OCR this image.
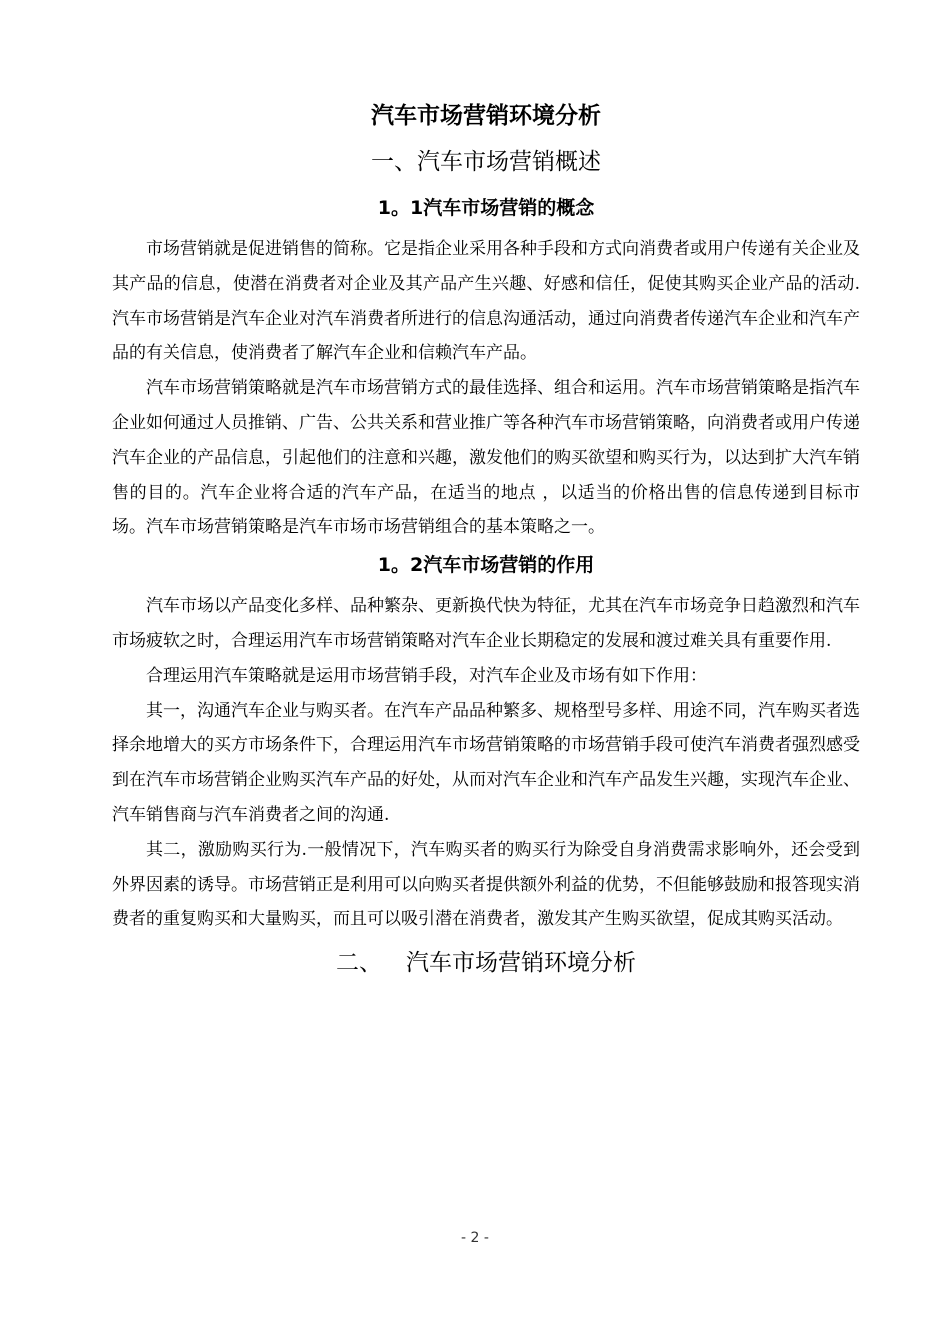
汽车市场营销环境分析
一、汽车市场营销概述
1。1汽车市场营销的概念

市场营销就是促进销售的简称。它是指企业采用各种手段和方式向消费者或用户传递有关企业及其产品的信息，使潜在消费者对企业及其产品产生兴趣、好感和信任，促使其购买企业产品的活动.汽车市场营销是汽车企业对汽车消费者所进行的信息沟通活动，通过向消费者传递汽车企业和汽车产品的有关信息，使消费者了解汽车企业和信赖汽车产品。

汽车市场营销策略就是汽车市场营销方式的最佳选择、组合和运用。汽车市场营销策略是指汽车企业如何通过人员推销、广告、公共关系和营业推广等各种汽车市场营销策略，向消费者或用户传递汽车企业的产品信息，引起他们的注意和兴趣，激发他们的购买欲望和购买行为，以达到扩大汽车销售的目的。汽车企业将合适的汽车产品，在适当的地点 ，以适当的价格出售的信息传递到目标市场。汽车市场营销策略是汽车市场市场营销组合的基本策略之一。

1。2汽车市场营销的作用

汽车市场以产品变化多样、品种繁杂、更新换代快为特征，尤其在汽车市场竞争日趋激烈和汽车市场疲软之时，合理运用汽车市场营销策略对汽车企业长期稳定的发展和渡过难关具有重要作用.

合理运用汽车策略就是运用市场营销手段，对汽车企业及市场有如下作用：

其一，沟通汽车企业与购买者。在汽车产品品种繁多、规格型号多样、用途不同，汽车购买者选择余地增大的买方市场条件下，合理运用汽车市场营销策略的市场营销手段可使汽车消费者强烈感受到在汽车市场营销企业购买汽车产品的好处，从而对汽车企业和汽车产品发生兴趣，实现汽车企业、汽车销售商与汽车消费者之间的沟通.

其二，激励购买行为.一般情况下，汽车购买者的购买行为除受自身消费需求影响外，还会受到外界因素的诱导。市场营销正是利用可以向购买者提供额外利益的优势，不但能够鼓励和报答现实消费者的重复购买和大量购买，而且可以吸引潜在消费者，激发其产生购买欲望，促成其购买活动。

二、 汽车市场营销环境分析
- 2 -
